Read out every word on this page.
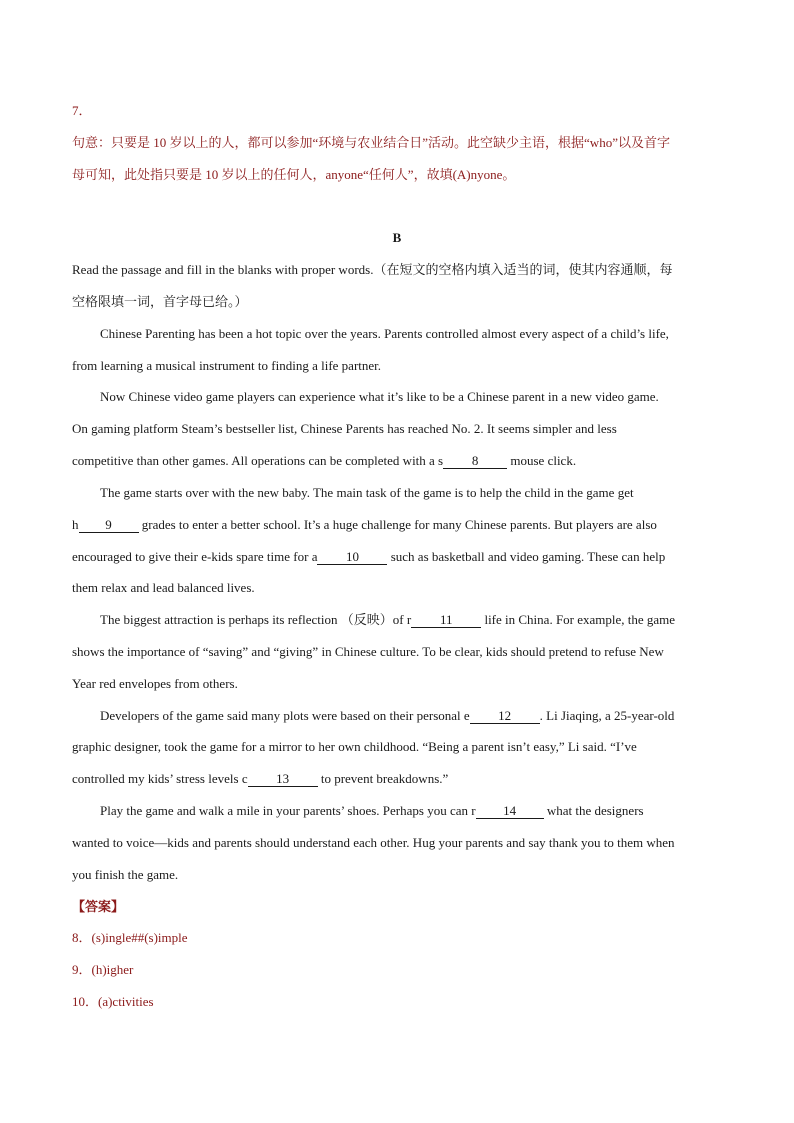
7．
句意：只要是 10 岁以上的人，都可以参加“环境与农业结合日”活动。此空缺少主语，根据“who”以及首字
母可知，此处指只要是 10 岁以上的任何人，anyone“任何人”，故填(A)nyone。
B
Read the passage and fill in the blanks with proper words.（在短文的空格内填入适当的词，使其内容通顺，每
空格限填一词，首字母已给。）
Chinese Parenting has been a hot topic over the years. Parents controlled almost every aspect of a child’s life,
from learning a musical instrument to finding a life partner.
Now Chinese video game players can experience what it’s like to be a Chinese parent in a new video game.
On gaming platform Steam’s bestseller list, Chinese Parents has reached No. 2. It seems simpler and less
competitive than other games. All operations can be completed with a s 8 mouse click.
The game starts over with the new baby. The main task of the game is to help the child in the game get
h 9 grades to enter a better school. It’s a huge challenge for many Chinese parents. But players are also
encouraged to give their e-kids spare time for a 10 such as basketball and video gaming. These can help
them relax and lead balanced lives.
The biggest attraction is perhaps its reflection （反映）of r 11 life in China. For example, the game
shows the importance of “saving” and “giving” in Chinese culture. To be clear, kids should pretend to refuse New
Year red envelopes from others.
Developers of the game said many plots were based on their personal e 12 . Li Jiaqing, a 25-year-old
graphic designer, took the game for a mirror to her own childhood. “Being a parent isn’t easy,” Li said. “I’ve
controlled my kids’ stress levels c 13 to prevent breakdowns.”
Play the game and walk a mile in your parents’ shoes. Perhaps you can r 14 what the designers
wanted to voice—kids and parents should understand each other. Hug your parents and say thank you to them when
you finish the game.
【答案】
8．(s)ingle##(s)imple
9．(h)igher
10．(a)ctivities
